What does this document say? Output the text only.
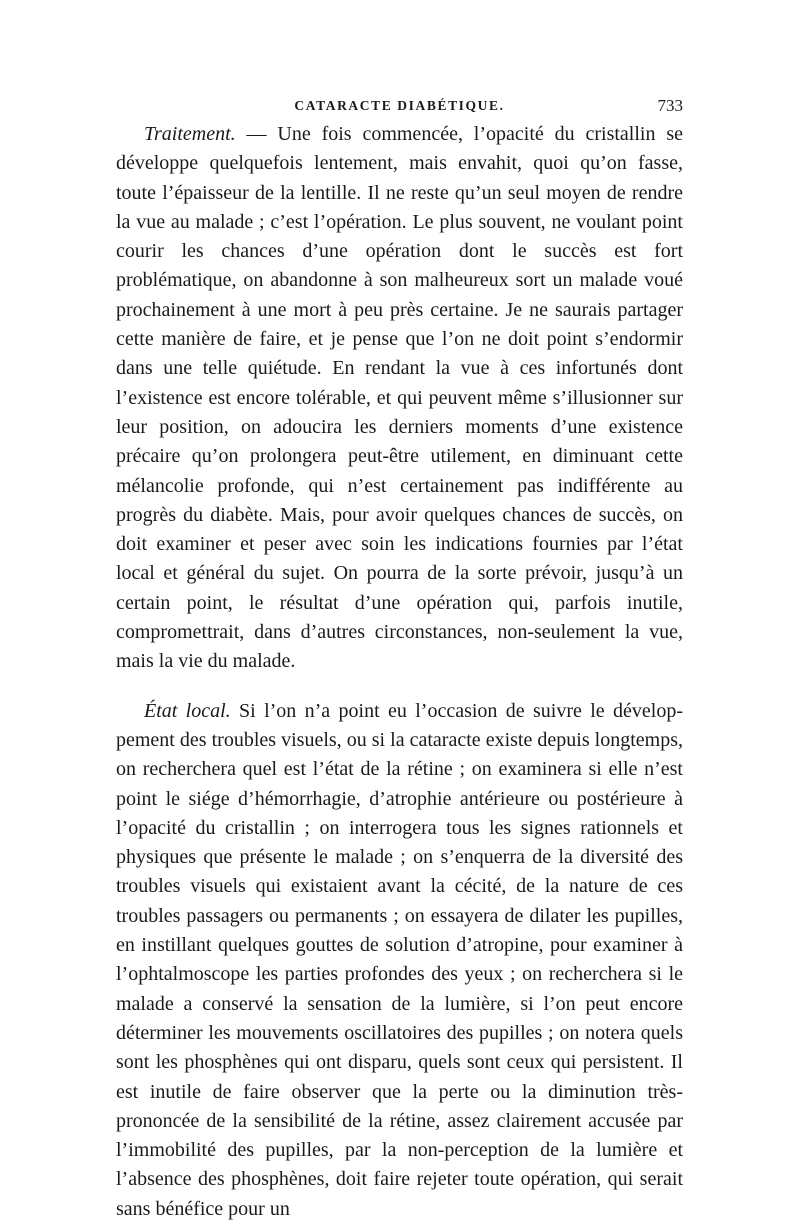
CATARACTE DIABÉTIQUE.	733

Traitement. — Une fois commencée, l’opacité du cristallin se développe quelquefois lentement, mais envahit, quoi qu’on fasse, toute l’épaisseur de la lentille. Il ne reste qu’un seul moyen de rendre la vue au malade ; c’est l’opération. Le plus souvent, ne voulant point courir les chances d’une opération dont le succès est fort problématique, on abandonne à son malheureux sort un malade voué prochainement à une mort à peu près certaine. Je ne saurais partager cette manière de faire, et je pense que l’on ne doit point s’endormir dans une telle quiétude. En rendant la vue à ces infortunés dont l’existence est encore tolérable, et qui peuvent même s’illusionner sur leur position, on adoucira les derniers moments d’une existence précaire qu’on prolongera peut-être utilement, en diminuant cette mélancolie profonde, qui n’est certainement pas indifférente au progrès du diabète. Mais, pour avoir quelques chances de succès, on doit examiner et peser avec soin les indications fournies par l’état local et général du sujet. On pourra de la sorte prévoir, jusqu’à un certain point, le résultat d’une opération qui, parfois inutile, compromettrait, dans d’autres circonstances, non-seulement la vue, mais la vie du malade.

État local. Si l’on n’a point eu l’occasion de suivre le développement des troubles visuels, ou si la cataracte existe depuis longtemps, on recherchera quel est l’état de la rétine ; on examinera si elle n’est point le siége d’hémorrhagie, d’atrophie antérieure ou postérieure à l’opacité du cristallin ; on interrogera tous les signes rationnels et physiques que présente le malade ; on s’enquerra de la diversité des troubles visuels qui existaient avant la cécité, de la nature de ces troubles passagers ou permanents ; on essayera de dilater les pupilles, en instillant quelques gouttes de solution d’atropine, pour examiner à l’ophtalmoscope les parties profondes des yeux ; on recherchera si le malade a conservé la sensation de la lumière, si l’on peut encore déterminer les mouvements oscillatoires des pupilles ; on notera quels sont les phosphènes qui ont disparu, quels sont ceux qui persistent. Il est inutile de faire observer que la perte ou la diminution très-prononcée de la sensibilité de la rétine, assez clairement accusée par l’immobilité des pupilles, par la non-perception de la lumière et l’absence des phosphènes, doit faire rejeter toute opération, qui serait sans bénéfice pour un
